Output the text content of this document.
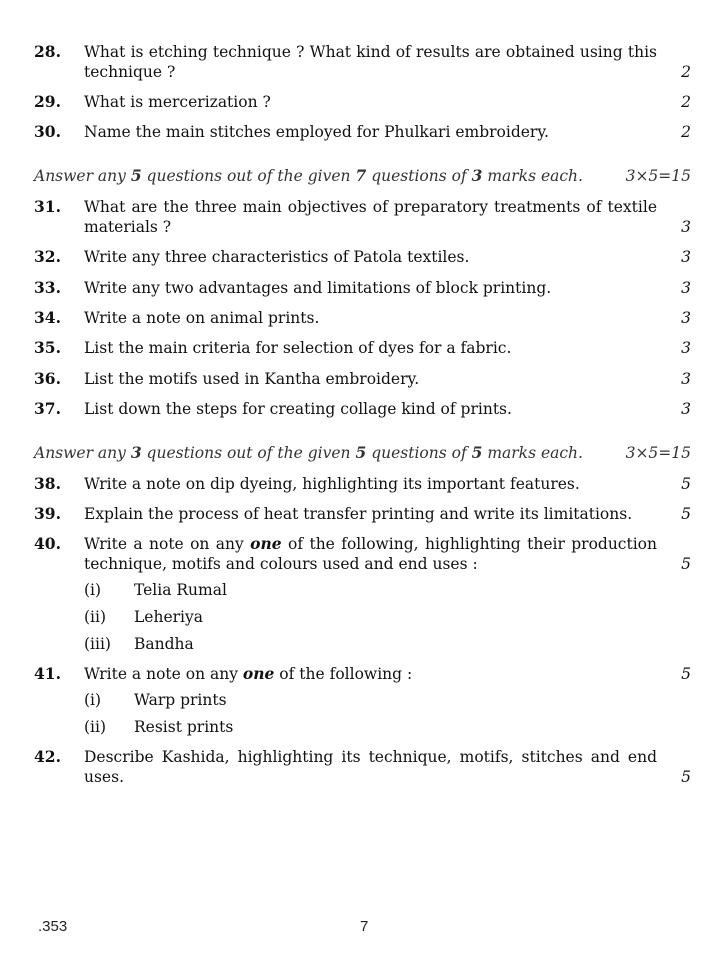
28. What is etching technique ? What kind of results are obtained using this technique ?	2
29. What is mercerization ?	2
30. Name the main stitches employed for Phulkari embroidery.	2
Answer any 5 questions out of the given 7 questions of 3 marks each.	3×5=15
31. What are the three main objectives of preparatory treatments of textile materials ?	3
32. Write any three characteristics of Patola textiles.	3
33. Write any two advantages and limitations of block printing.	3
34. Write a note on animal prints.	3
35. List the main criteria for selection of dyes for a fabric.	3
36. List the motifs used in Kantha embroidery.	3
37. List down the steps for creating collage kind of prints.	3
Answer any 3 questions out of the given 5 questions of 5 marks each.	3×5=15
38. Write a note on dip dyeing, highlighting its important features.	5
39. Explain the process of heat transfer printing and write its limitations.	5
40. Write a note on any one of the following, highlighting their production technique, motifs and colours used and end uses :	5
(i) Telia Rumal
(ii) Leheriya
(iii) Bandha
41. Write a note on any one of the following :	5
(i) Warp prints
(ii) Resist prints
42. Describe Kashida, highlighting its technique, motifs, stitches and end uses.	5
.353	7
